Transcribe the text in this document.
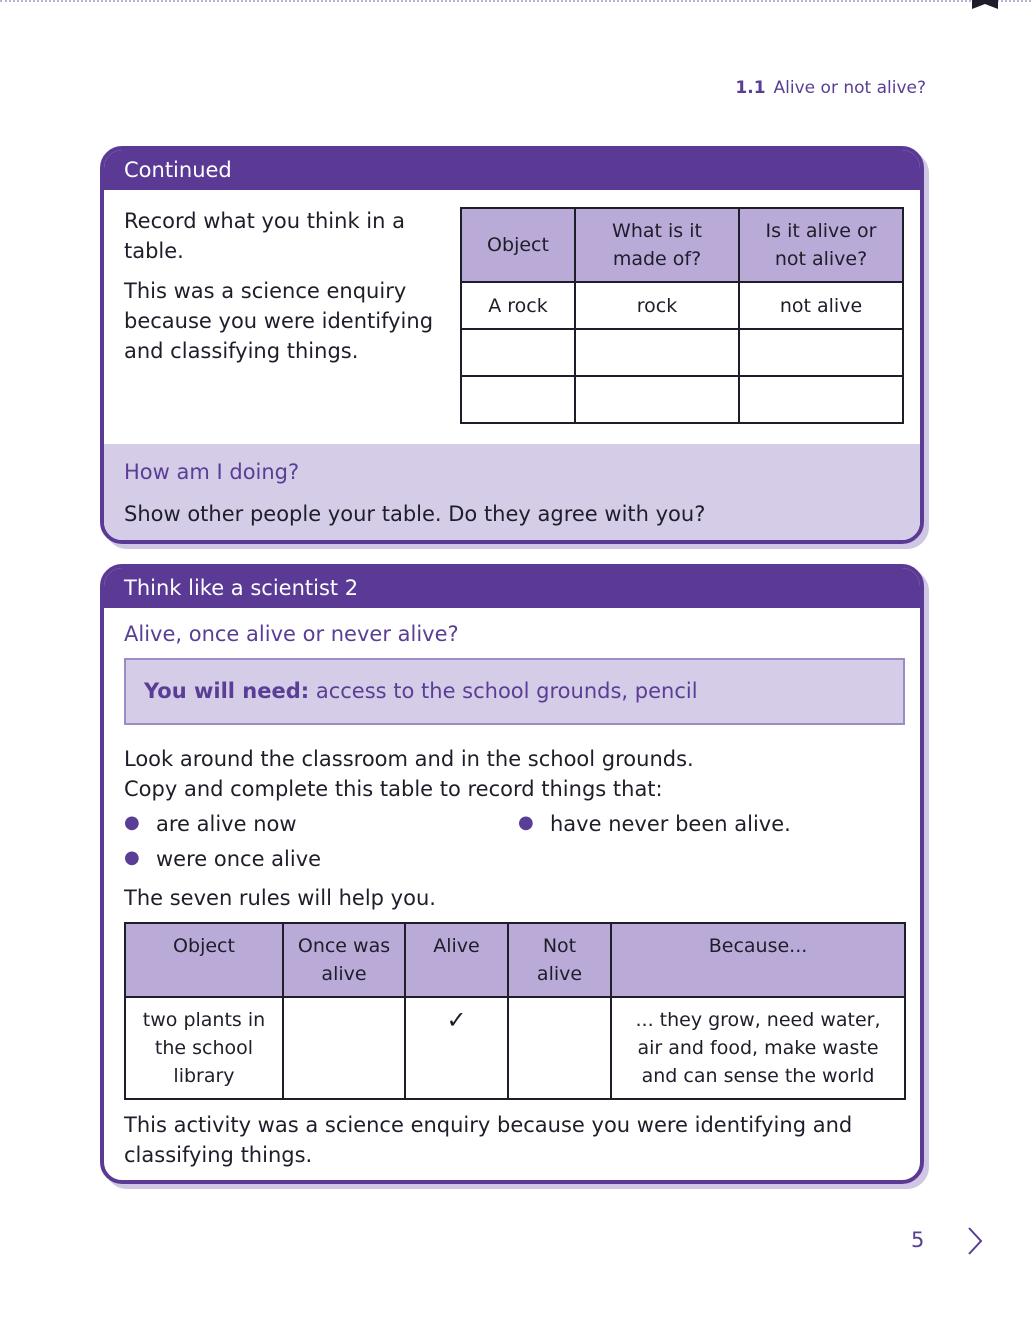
1.1 Alive or not alive?
Continued

Record what you think in a table.

This was a science enquiry because you were identifying and classifying things.

Object	What is it made of?	Is it alive or not alive?
A rock	rock	not alive

How am I doing?

Show other people your table. Do they agree with you?

Think like a scientist 2
Alive, once alive or never alive?
You will need: access to the school grounds, pencil
Look around the classroom and in the school grounds.
Copy and complete this table to record things that:
● are alive now	● have never been alive.
● were once alive
The seven rules will help you.
Object	Once was alive	Alive	Not alive	Because...
two plants in the school library		✓		... they grow, need water, air and food, make waste and can sense the world
This activity was a science enquiry because you were identifying and classifying things.
5
